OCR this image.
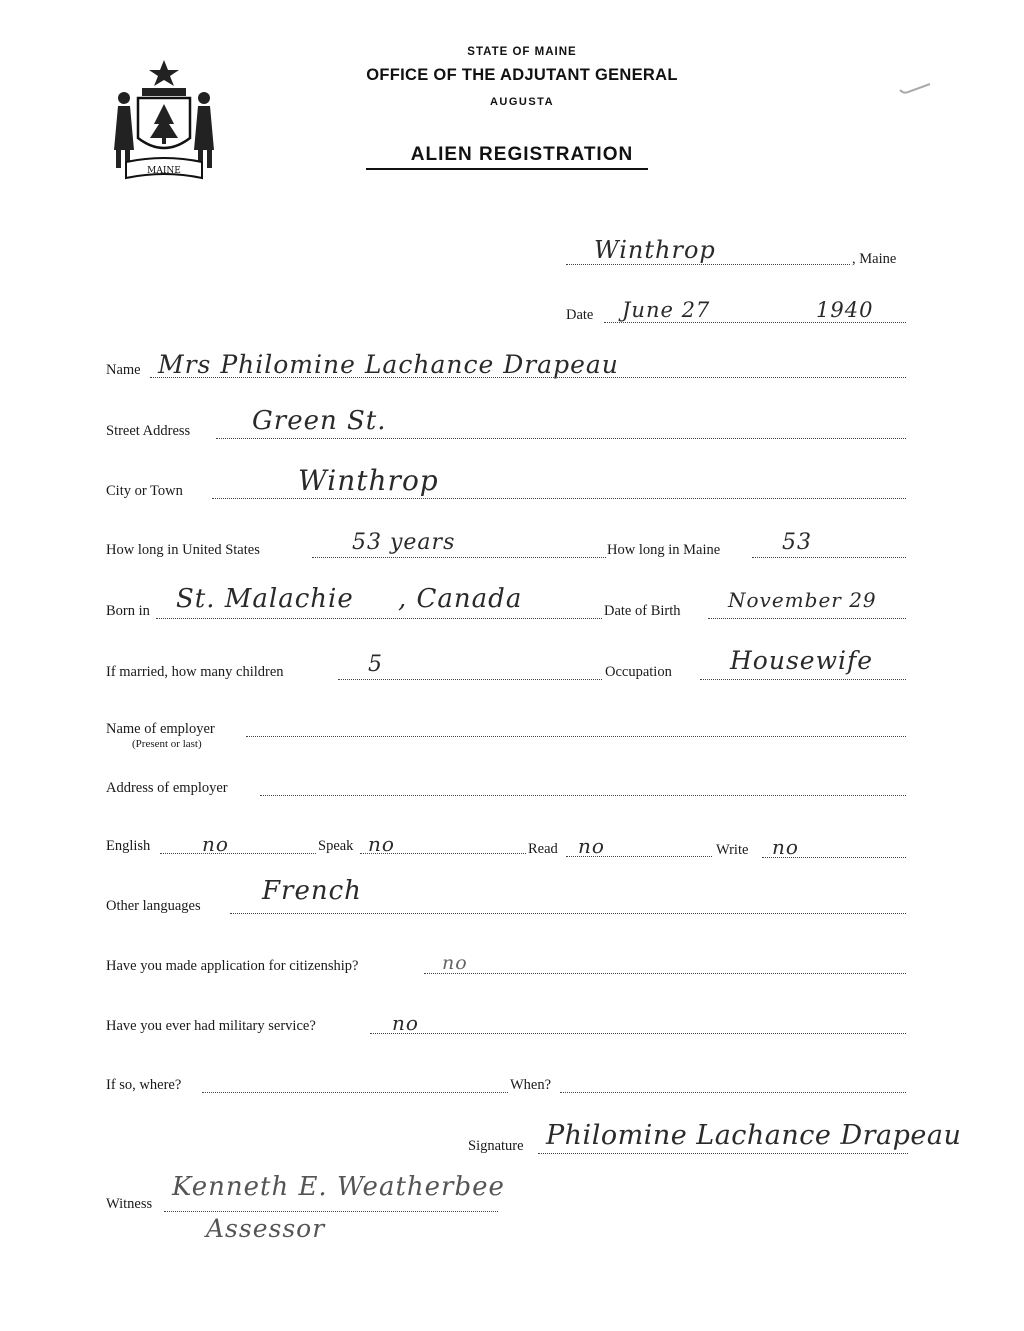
MAINE
STATE OF MAINE
OFFICE OF THE ADJUTANT GENERAL
AUGUSTA
ALIEN REGISTRATION
Winthrop	, Maine
Date June 27	1940
Name Mrs Philomine Lachance Drapeau
Street Address Green St.
City or Town	Winthrop
How long in United States	53 years	How long in Maine	53
Born in St. Malachie , Canada	Date of Birth November 29
If married, how many children	5	Occupation Housewife
Name of employer
(Present or last)
Address of employer
English	no	Speak no	Read no	Write no
Other languages French
Have you made application for citizenship?	no
Have you ever had military service?	no
If so, where?	When?
Signature Philomine Lachance Drapeau
Witness
Kenneth E. Weatherbee
Assessor
